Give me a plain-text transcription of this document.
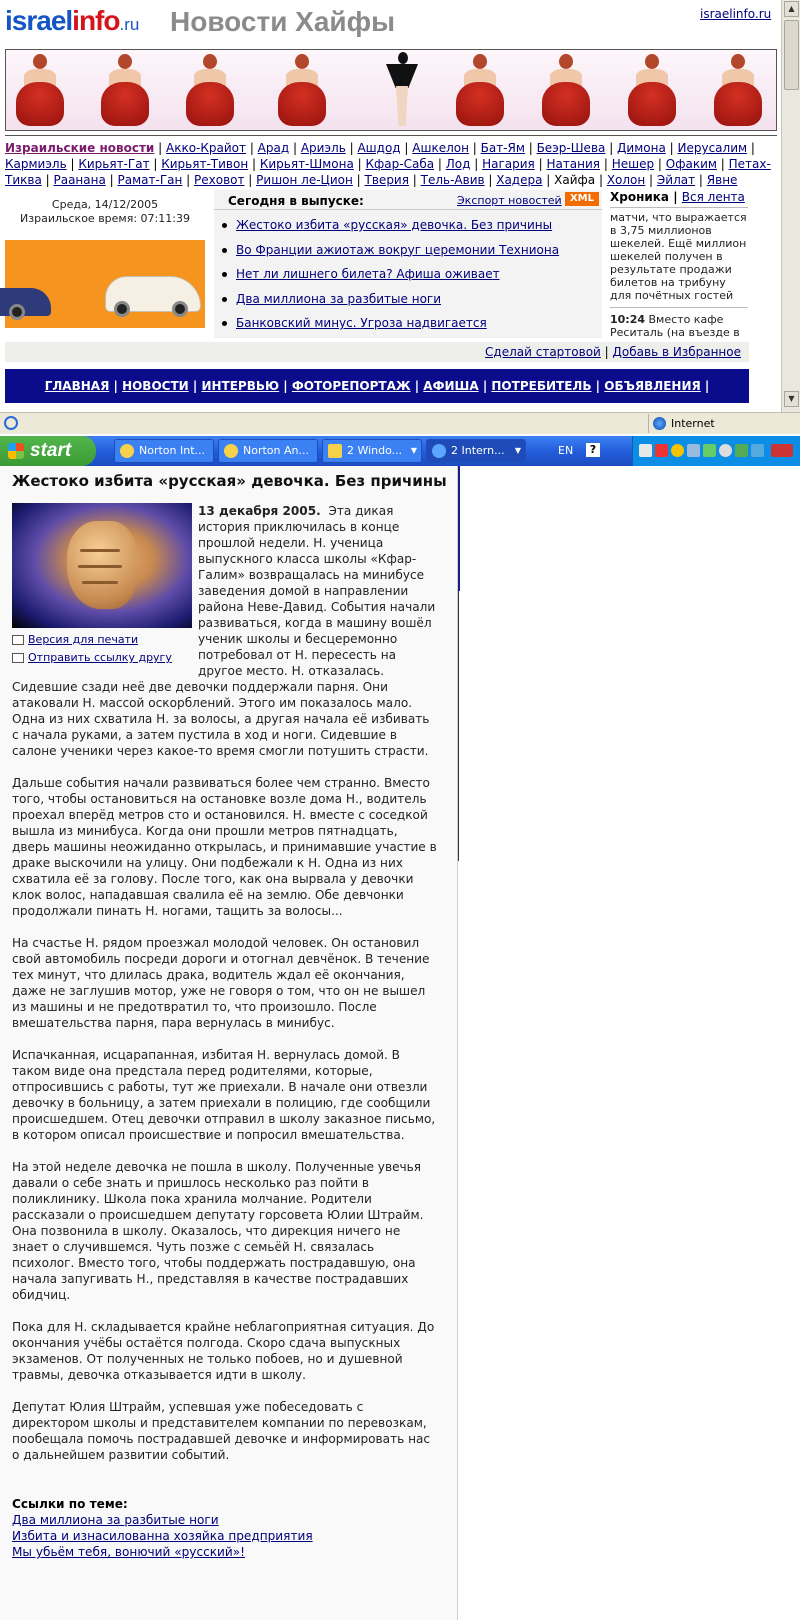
israelinfo.ru Новости Хайфы	israelinfo.ru
Израильские новости | Акко-Крайот | Арад | Ариэль | Ашдод | Ашкелон | Бат-Ям | Беэр-Шева | Димона | Иерусалим | Кармиэль | Кирьят-Гат | Кирьят-Тивон | Кирьят-Шмона | Кфар-Саба | Лод | Нагария | Натания | Нешер | Офаким | Петах-Тиква | Раанана | Рамат-Ган | Реховот | Ришон ле-Цион | Тверия | Тель-Авив | Хадера | Хайфа | Холон | Эйлат | Явне
Среда, 14/12/2005
Израильское время: 07:11:39
Сегодня в выпуске:	Экспорт новостей XML
Жестоко избита «русская» девочка. Без причины
Во Франции ажиотаж вокруг церемонии Техниона
Нет ли лишнего билета? Афиша оживает
Два миллиона за разбитые ноги
Банковский минус. Угроза надвигается
Хроника | Вся лента
матчи, что выражается в 3,75 миллионов шекелей. Ещё миллион шекелей получен в результате продажи билетов на трибуну для почётных гостей
10:24 Вместо кафе Реситаль (на въезде в
Сделай стартовой | Добавь в Избранное
ГЛАВНАЯ | НОВОСТИ | ИНТЕРВЬЮ | ФОТОРЕПОРТАЖ | АФИША | ПОТРЕБИТЕЛЬ | ОБЪЯВЛЕНИЯ |
▲
▼
Internet
start	Norton Int...	Norton An...	2 Windo... ▼	2 Intern... ▼	EN	?
Жестоко избита «русская» девочка. Без причины
Версия для печати
Отправить ссылку другу

13 декабря 2005. Эта дикая история приключилась в конце прошлой недели. Н. ученица выпускного класса школы «Кфар-Галим» возвращалась на минибусе заведения домой в направлении района Неве-Давид. События начали развиваться, когда в машину вошёл ученик школы и бесцеремонно потребовал от Н. пересесть на другое место. Н. отказалась. Сидевшие сзади неё две девочки поддержали парня. Они атаковали Н. массой оскорблений. Этого им показалось мало. Одна из них схватила Н. за волосы, а другая начала её избивать с начала руками, а затем пустила в ход и ноги. Сидевшие в салоне ученики через какое-то время смогли потушить страсти.

Дальше события начали развиваться более чем странно. Вместо того, чтобы остановиться на остановке возле дома Н., водитель проехал вперёд метров сто и остановился. Н. вместе с соседкой вышла из минибуса. Когда они прошли метров пятнадцать, дверь машины неожиданно открылась, и принимавшие участие в драке выскочили на улицу. Они подбежали к Н. Одна из них схватила её за голову. После того, как она вырвала у девочки клок волос, нападавшая свалила её на землю. Обе девчонки продолжали пинать Н. ногами, тащить за волосы...

На счастье Н. рядом проезжал молодой человек. Он остановил свой автомобиль посреди дороги и отогнал девчёнок. В течение тех минут, что длилась драка, водитель ждал её окончания, даже не заглушив мотор, уже не говоря о том, что он не вышел из машины и не предотвратил то, что произошло. После вмешательства парня, пара вернулась в минибус.

Испачканная, исцарапанная, избитая Н. вернулась домой. В таком виде она предстала перед родителями, которые, отпросившись с работы, тут же приехали. В начале они отвезли девочку в больницу, а затем приехали в полицию, где сообщили происшедшем. Отец девочки отправил в школу заказное письмо, в котором описал происшествие и попросил вмешательства.

На этой неделе девочка не пошла в школу. Полученные увечья давали о себе знать и пришлось несколько раз пойти в поликлинику. Школа пока хранила молчание. Родители рассказали о происшедшем депутату горсовета Юлии Штрайм. Она позвонила в школу. Оказалось, что дирекция ничего не знает о случившемся. Чуть позже с семьёй Н. связалась психолог. Вместо того, чтобы поддержать пострадавшую, она начала запугивать Н., представляя в качестве пострадавших обидчиц.

Пока для Н. складывается крайне неблагоприятная ситуация. До окончания учёбы остаётся полгода. Скоро сдача выпускных экзаменов. От полученных не только побоев, но и душевной травмы, девочка отказывается идти в школу.

Депутат Юлия Штрайм, успевшая уже побеседовать с директором школы и представителем компании по перевозкам, пообещала помочь пострадавшей девочке и информировать нас о дальнейшем развитии событий.

Ссылки по теме:
Два миллиона за разбитые ноги
Избита и изнасилованна хозяйка предприятия
Мы убьём тебя, вонючий «русский»!
